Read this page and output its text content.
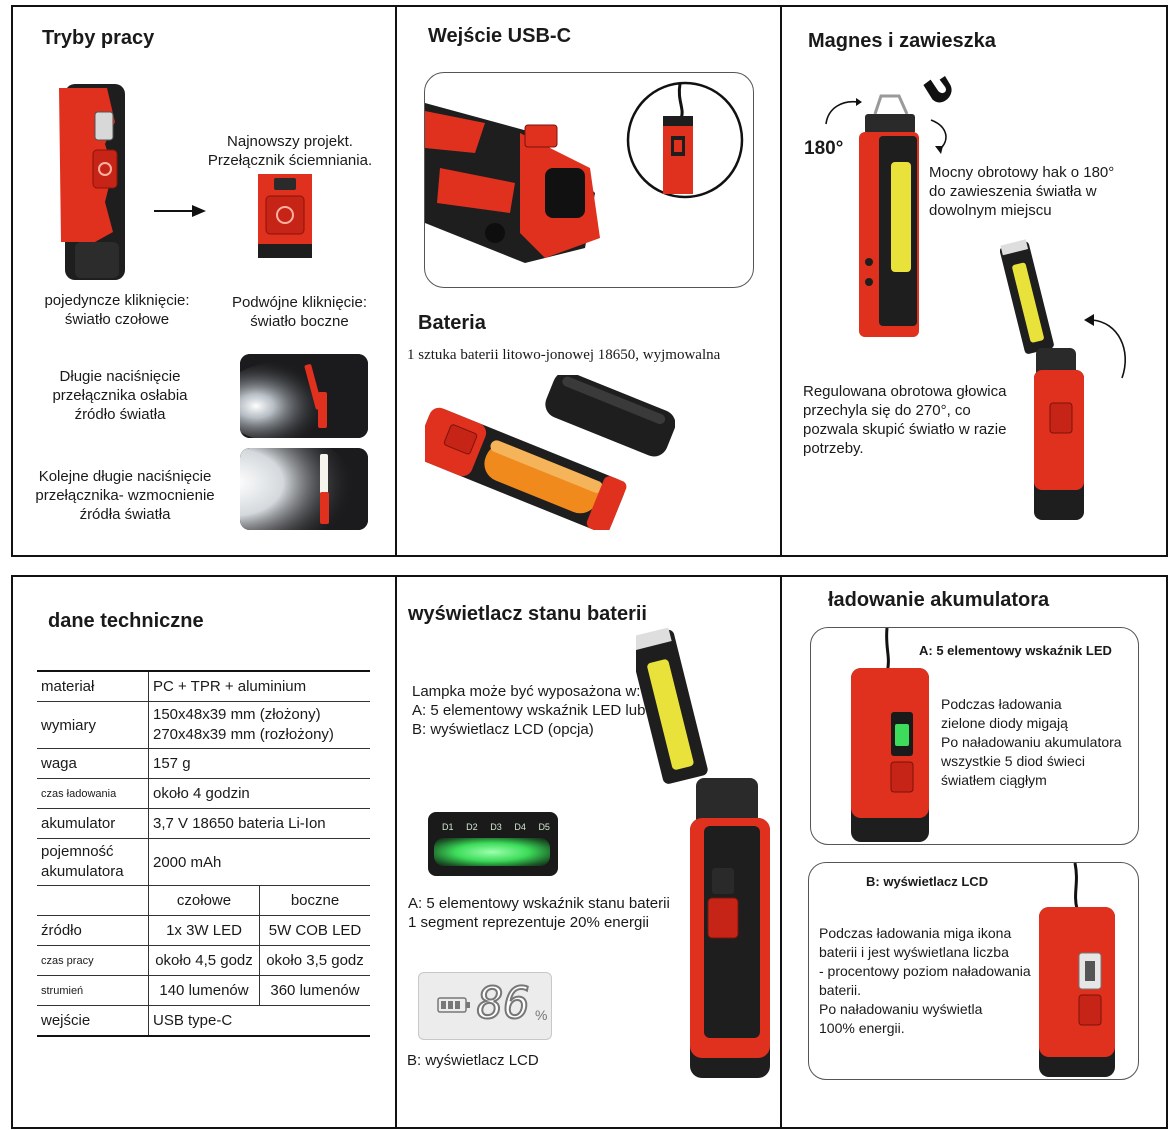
Tryby pracy
Najnowszy projekt.
Przełącznik ściemniania.
pojedyncze kliknięcie:
światło czołowe
Podwójne kliknięcie:
światło boczne
Długie naciśnięcie
przełącznika osłabia
źródło światła
Kolejne długie naciśnięcie
przełącznika- wzmocnienie
źródła światła
Wejście USB-C
Bateria
1 sztuka baterii litowo-jonowej 18650, wyjmowalna
Magnes i zawieszka
180°
Mocny obrotowy hak o 180°
do zawieszenia światła w
dowolnym miejscu
Regulowana obrotowa głowica
przechyla się do 270°, co
pozwala skupić światło w razie
potrzeby.
dane techniczne
materiał	PC + TPR + aluminium	
wymiary	150x48x39 mm (złożony)
270x48x39 mm (rozłożony)	
waga	157 g	
czas ładowania	około 4 godzin	
akumulator	3,7 V 18650 bateria Li-Ion	
pojemność
akumulatora	2000 mAh	
	czołowe	boczne
źródło	1x 3W LED	5W COB LED
czas pracy	około 4,5 godz	około 3,5 godz
strumień	140 lumenów	360 lumenów
wejście	USB type-C	
wyświetlacz stanu baterii
Lampka może być wyposażona w:
A: 5 elementowy wskaźnik LED lub
B: wyświetlacz LCD (opcja)
D1 D2 D3 D4 D5
A: 5 elementowy wskaźnik stanu baterii
1 segment reprezentuje 20% energii
86 %
B: wyświetlacz LCD
ładowanie akumulatora
A: 5 elementowy wskaźnik LED
Podczas ładowania
zielone diody migają
Po naładowaniu akumulatora
wszystkie 5 diod świeci
światłem ciągłym
B: wyświetlacz LCD
Podczas ładowania miga ikona
baterii i jest wyświetlana liczba
- procentowy poziom naładowania
baterii.
Po naładowaniu wyświetla
100% energii.
